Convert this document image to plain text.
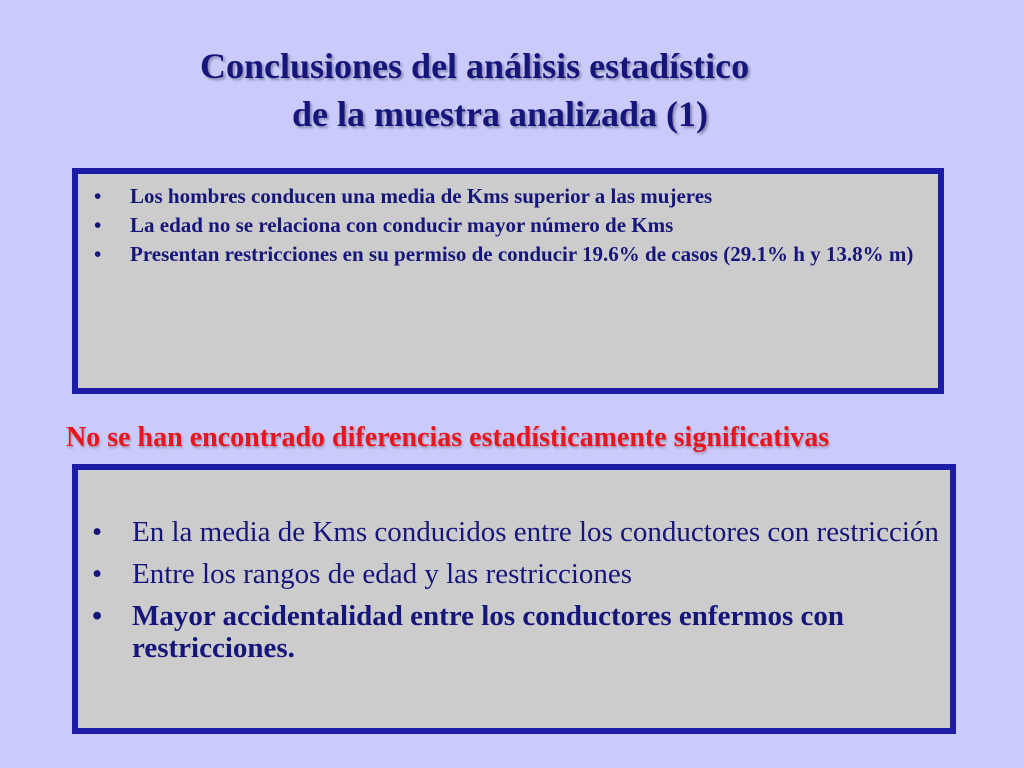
Conclusiones del análisis estadístico
de la muestra analizada (1)
• Los hombres conducen una media de Kms superior a las mujeres
• La edad no se relaciona con conducir mayor número de Kms
• Presentan restricciones en su permiso de conducir 19.6% de casos (29.1% h y 13.8% m)
No se han encontrado diferencias estadísticamente significativas
• En la media de Kms conducidos entre los conductores con restricción
• Entre los rangos de edad y las restricciones
• Mayor accidentalidad entre los conductores enfermos con restricciones.
